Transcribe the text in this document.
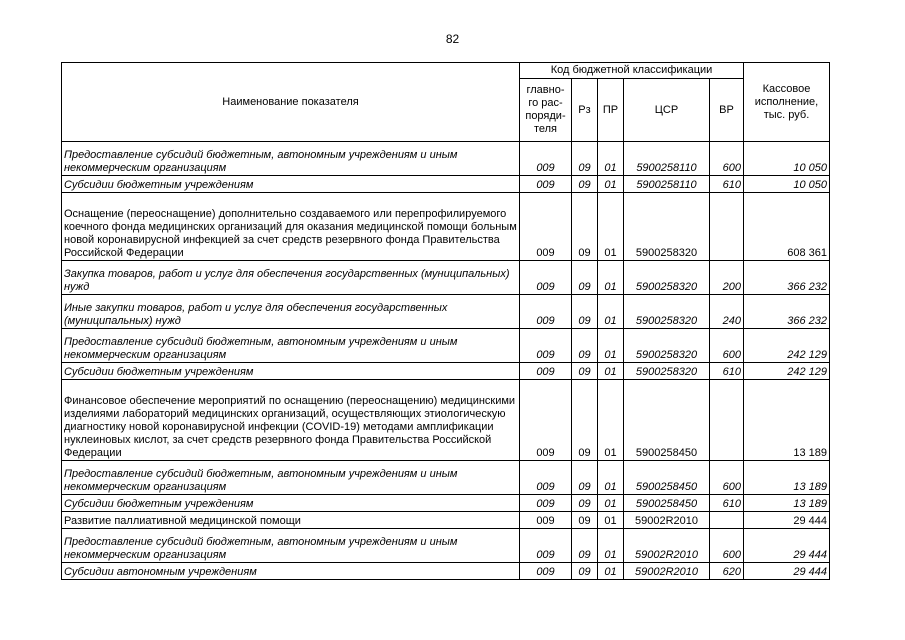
82
Наименование показателя	Код бюджетной классификации					Кассовое исполнение, тыс. руб.
	главно-го рас-поряди-теля	Рз	ПР	ЦСР	ВР	
Предоставление субсидий бюджетным, автономным учреждениям и иным некоммерческим организациям	009	09	01	5900258110	600	10 050
Субсидии бюджетным учреждениям	009	09	01	5900258110	610	10 050
Оснащение (переоснащение) дополнительно создаваемого или перепрофилируемого коечного фонда медицинских организаций для оказания медицинской помощи больным новой коронавирусной инфекцией за счет средств резервного фонда Правительства Российской Федерации	009	09	01	5900258320		608 361
Закупка товаров, работ и услуг для обеспечения государственных (муниципальных) нужд	009	09	01	5900258320	200	366 232
Иные закупки товаров, работ и услуг для обеспечения государственных (муниципальных) нужд	009	09	01	5900258320	240	366 232
Предоставление субсидий бюджетным, автономным учреждениям и иным некоммерческим организациям	009	09	01	5900258320	600	242 129
Субсидии бюджетным учреждениям	009	09	01	5900258320	610	242 129
Финансовое обеспечение мероприятий по оснащению (переоснащению) медицинскими изделиями лабораторий медицинских организаций, осуществляющих этиологическую диагностику новой коронавирусной инфекции (COVID-19) методами амплификации нуклеиновых кислот, за счет средств резервного фонда Правительства Российской Федерации	009	09	01	5900258450		13 189
Предоставление субсидий бюджетным, автономным учреждениям и иным некоммерческим организациям	009	09	01	5900258450	600	13 189
Субсидии бюджетным учреждениям	009	09	01	5900258450	610	13 189
Развитие паллиативной медицинской помощи	009	09	01	59002R2010		29 444
Предоставление субсидий бюджетным, автономным учреждениям и иным некоммерческим организациям	009	09	01	59002R2010	600	29 444
Субсидии автономным учреждениям	009	09	01	59002R2010	620	29 444
